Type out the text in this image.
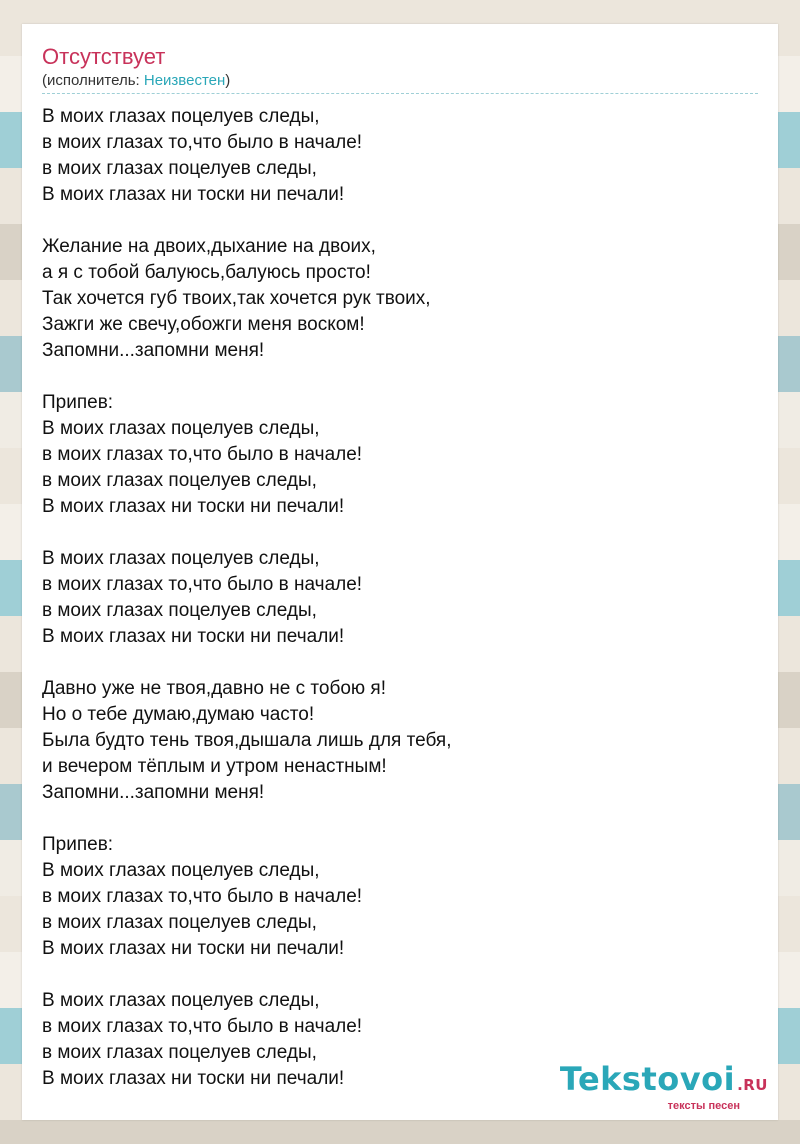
Отсутствует
(исполнитель: Неизвестен)
В моих глазах поцелуев следы,
в моих глазах то,что было в начале!
в моих глазах поцелуев следы,
В моих глазах ни тоски ни печали!

Желание на двоих,дыхание на двоих,
а я с тобой балуюсь,балуюсь просто!
Так хочется губ твоих,так хочется рук твоих,
Зажги же свечу,обожги меня воском!
Запомни...запомни меня!

Припев:
В моих глазах поцелуев следы,
в моих глазах то,что было в начале!
в моих глазах поцелуев следы,
В моих глазах ни тоски ни печали!

В моих глазах поцелуев следы,
в моих глазах то,что было в начале!
в моих глазах поцелуев следы,
В моих глазах ни тоски ни печали!

Давно уже не твоя,давно не с тобою я!
Но о тебе думаю,думаю часто!
Была будто тень твоя,дышала лишь для тебя,
и вечером тёплым и утром ненастным!
Запомни...запомни меня!

Припев:
В моих глазах поцелуев следы,
в моих глазах то,что было в начале!
в моих глазах поцелуев следы,
В моих глазах ни тоски ни печали!

В моих глазах поцелуев следы,
в моих глазах то,что было в начале!
в моих глазах поцелуев следы,
В моих глазах ни тоски ни печали!	Tekstovoi .RU
тексты песен
